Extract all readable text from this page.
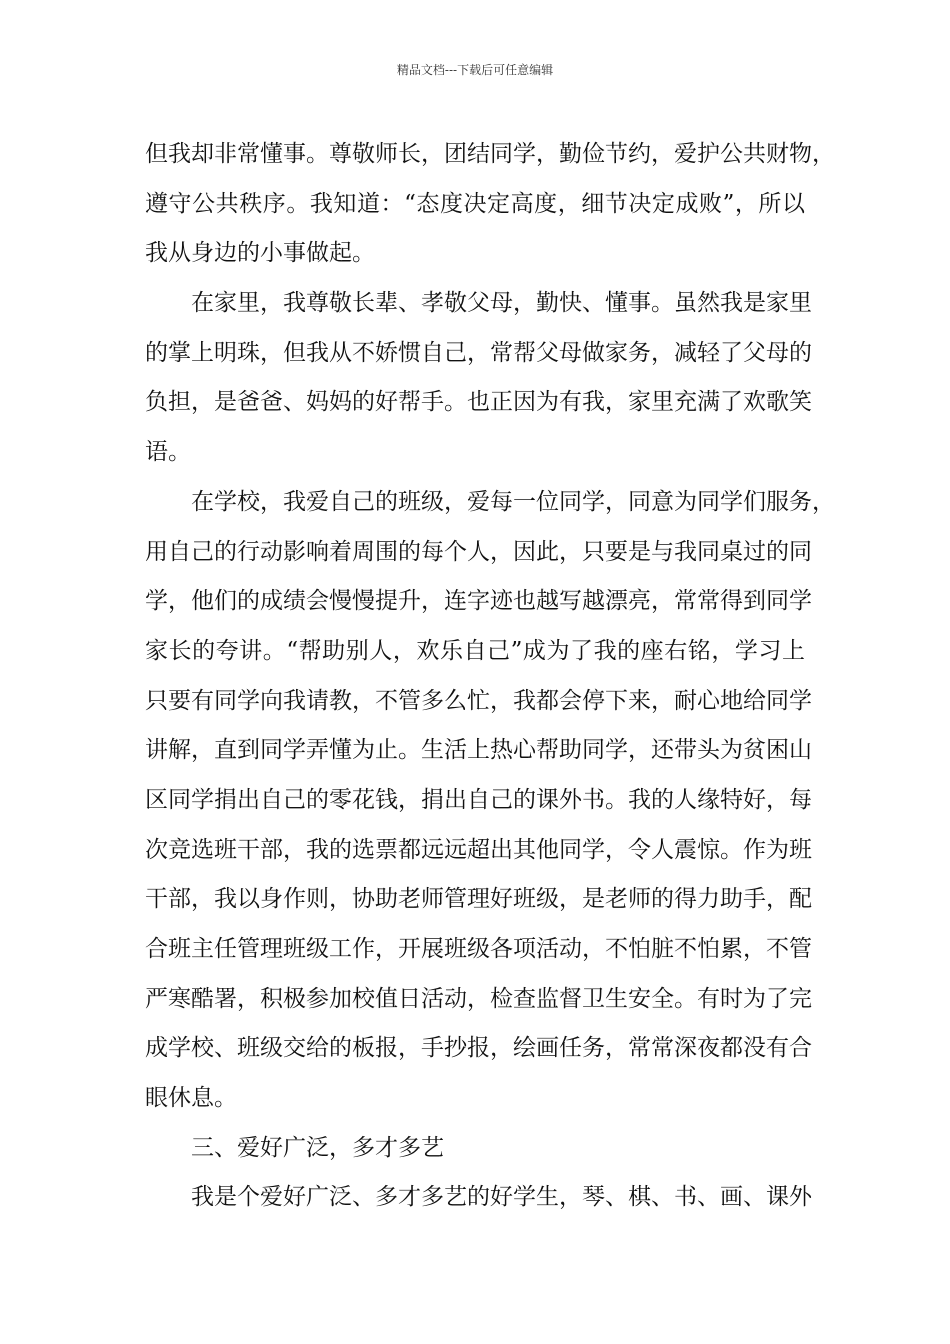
精品文档---下载后可任意编辑
但我却非常懂事。尊敬师长，团结同学，勤俭节约，爱护公共财物，
遵守公共秩序。我知道：“态度决定高度，细节决定成败”，所以
我从身边的小事做起。
在家里，我尊敬长辈、孝敬父母，勤快、懂事。虽然我是家里
的掌上明珠，但我从不娇惯自己，常帮父母做家务，减轻了父母的
负担，是爸爸、妈妈的好帮手。也正因为有我，家里充满了欢歌笑
语。
在学校，我爱自己的班级，爱每一位同学，同意为同学们服务，
用自己的行动影响着周围的每个人，因此，只要是与我同桌过的同
学，他们的成绩会慢慢提升，连字迹也越写越漂亮，常常得到同学
家长的夸讲。“帮助别人，欢乐自己”成为了我的座右铭，学习上
只要有同学向我请教，不管多么忙，我都会停下来，耐心地给同学
讲解，直到同学弄懂为止。生活上热心帮助同学，还带头为贫困山
区同学捐出自己的零花钱，捐出自己的课外书。我的人缘特好，每
次竞选班干部，我的选票都远远超出其他同学，令人震惊。作为班
干部，我以身作则，协助老师管理好班级，是老师的得力助手，配
合班主任管理班级工作，开展班级各项活动，不怕脏不怕累，不管
严寒酷署，积极参加校值日活动，检查监督卫生安全。有时为了完
成学校、班级交给的板报，手抄报，绘画任务，常常深夜都没有合
眼休息。
三、爱好广泛，多才多艺
我是个爱好广泛、多才多艺的好学生，琴、棋、书、画、课外
